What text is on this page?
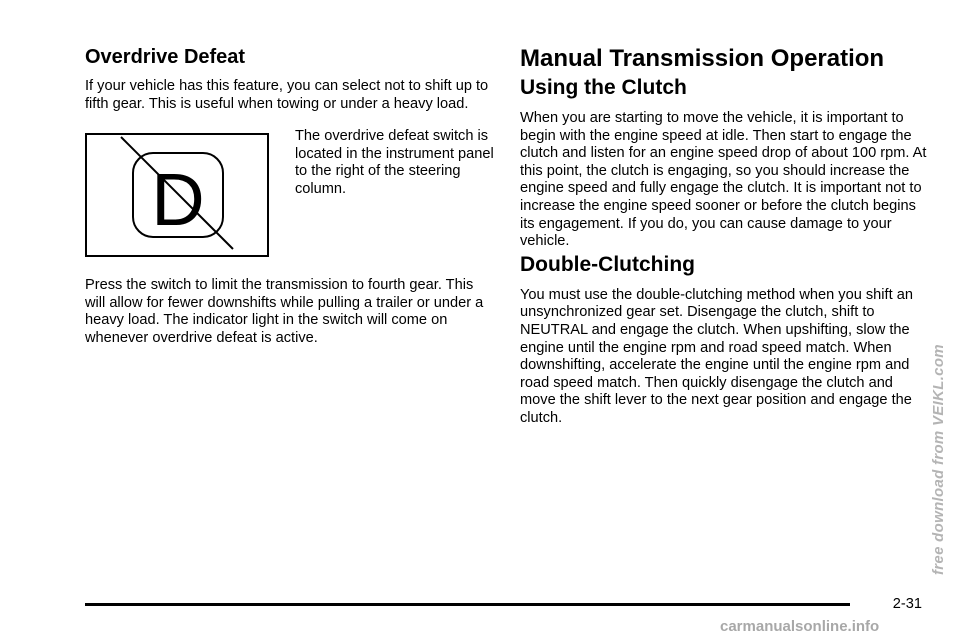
Overdrive Defeat

If your vehicle has this feature, you can select not to shift up to fifth gear. This is useful when towing or under a heavy load.

D

The overdrive defeat switch is located in the instrument panel to the right of the steering column.

Press the switch to limit the transmission to fourth gear. This will allow for fewer downshifts while pulling a trailer or under a heavy load. The indicator light in the switch will come on whenever overdrive defeat is active.

Manual Transmission Operation
Using the Clutch

When you are starting to move the vehicle, it is important to begin with the engine speed at idle. Then start to engage the clutch and listen for an engine speed drop of about 100 rpm. At this point, the clutch is engaging, so you should increase the engine speed and fully engage the clutch. It is important not to increase the engine speed sooner or before the clutch begins its engagement. If you do, you can cause damage to your vehicle.

Double-Clutching

You must use the double-clutching method when you shift an unsynchronized gear set. Disengage the clutch, shift to NEUTRAL and engage the clutch. When upshifting, slow the engine until the engine rpm and road speed match. When downshifting, accelerate the engine until the engine rpm and road speed match. Then quickly disengage the clutch and move the shift lever to the next gear position and engage the clutch.

2-31
free download from VEIKL.com
carmanualsonline.info
